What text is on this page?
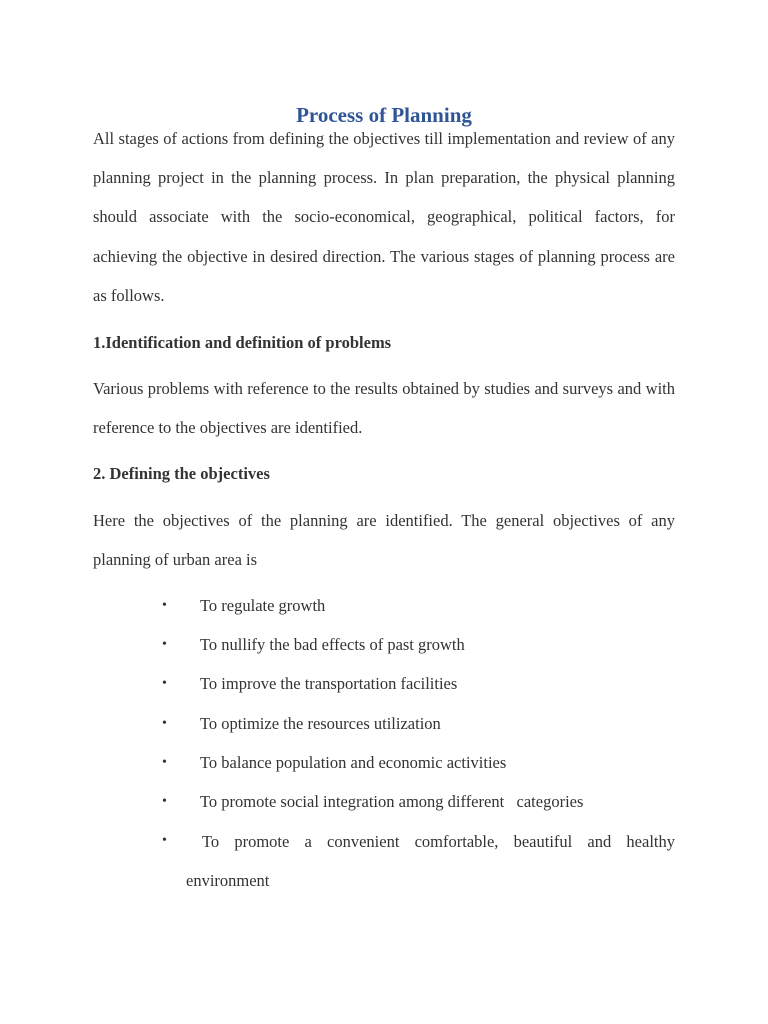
Process of Planning

All stages of actions from defining the objectives till implementation and review of any planning project in the planning process. In plan preparation, the physical planning should associate with the socio-economical, geographical, political factors, for achieving the objective in desired direction. The various stages of planning process are as follows.

1.Identification and definition of problems

Various problems with reference to the results obtained by studies and surveys and with reference to the objectives are identified.

2. Defining the objectives

Here the objectives of the planning are identified. The general objectives of any planning of urban area is

• To regulate growth
• To nullify the bad effects of past growth
• To improve the transportation facilities
• To optimize the resources utilization
• To balance population and economic activities
• To promote social integration among different   categories
•	To promote a convenient comfortable, beautiful and healthy
environment
